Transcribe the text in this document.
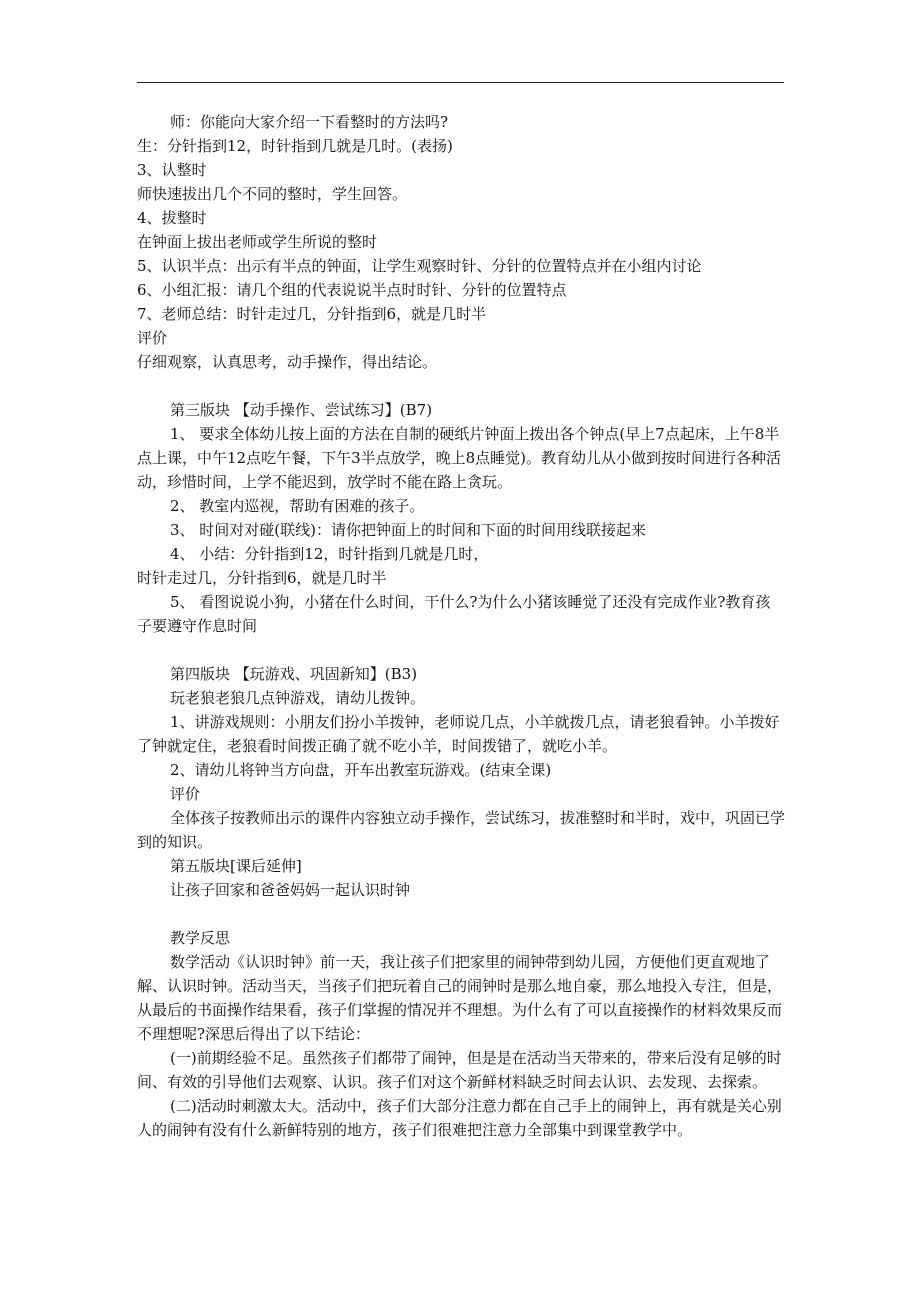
师：你能向大家介绍一下看整时的方法吗?

生：分针指到12，时针指到几就是几时。(表扬)

3、认整时

师快速拔出几个不同的整时，学生回答。

4、拔整时

在钟面上拔出老师或学生所说的整时

5、认识半点：出示有半点的钟面，让学生观察时针、分针的位置特点并在小组内讨论

6、小组汇报：请几个组的代表说说半点时时针、分针的位置特点

7、老师总结：时针走过几，分针指到6，就是几时半

评价

仔细观察，认真思考，动手操作，得出结论。

第三版块 【动手操作、尝试练习】(B7)

1、 要求全体幼儿按上面的方法在自制的硬纸片钟面上拨出各个钟点(早上7点起床，上午8半点上课，中午12点吃午餐，下午3半点放学，晚上8点睡觉)。教育幼儿从小做到按时间进行各种活动，珍惜时间，上学不能迟到，放学时不能在路上贪玩。

2、 教室内巡视，帮助有困难的孩子。

3、 时间对对碰(联线)：请你把钟面上的时间和下面的时间用线联接起来

4、 小结：分针指到12，时针指到几就是几时，

时针走过几，分针指到6，就是几时半

5、 看图说说小狗，小猪在什么时间，干什么?为什么小猪该睡觉了还没有完成作业?教育孩子要遵守作息时间

第四版块 【玩游戏、巩固新知】(B3)

玩老狼老狼几点钟游戏，请幼儿拨钟。

1、讲游戏规则：小朋友们扮小羊拨钟，老师说几点，小羊就拨几点，请老狼看钟。小羊拨好了钟就定住，老狼看时间拨正确了就不吃小羊，时间拨错了，就吃小羊。

2、请幼儿将钟当方向盘，开车出教室玩游戏。(结束全课)

评价

全体孩子按教师出示的课件内容独立动手操作，尝试练习，拔准整时和半时，戏中，巩固已学到的知识。

第五版块[课后延伸]

让孩子回家和爸爸妈妈一起认识时钟

教学反思

数学活动《认识时钟》前一天，我让孩子们把家里的闹钟带到幼儿园，方便他们更直观地了解、认识时钟。活动当天，当孩子们把玩着自己的闹钟时是那么地自豪，那么地投入专注，但是，从最后的书面操作结果看，孩子们掌握的情况并不理想。为什么有了可以直接操作的材料效果反而不理想呢?深思后得出了以下结论：

(一)前期经验不足。虽然孩子们都带了闹钟，但是是在活动当天带来的，带来后没有足够的时间、有效的引导他们去观察、认识。孩子们对这个新鲜材料缺乏时间去认识、去发现、去探索。

(二)活动时刺激太大。活动中，孩子们大部分注意力都在自己手上的闹钟上，再有就是关心别人的闹钟有没有什么新鲜特别的地方，孩子们很难把注意力全部集中到课堂教学中。
